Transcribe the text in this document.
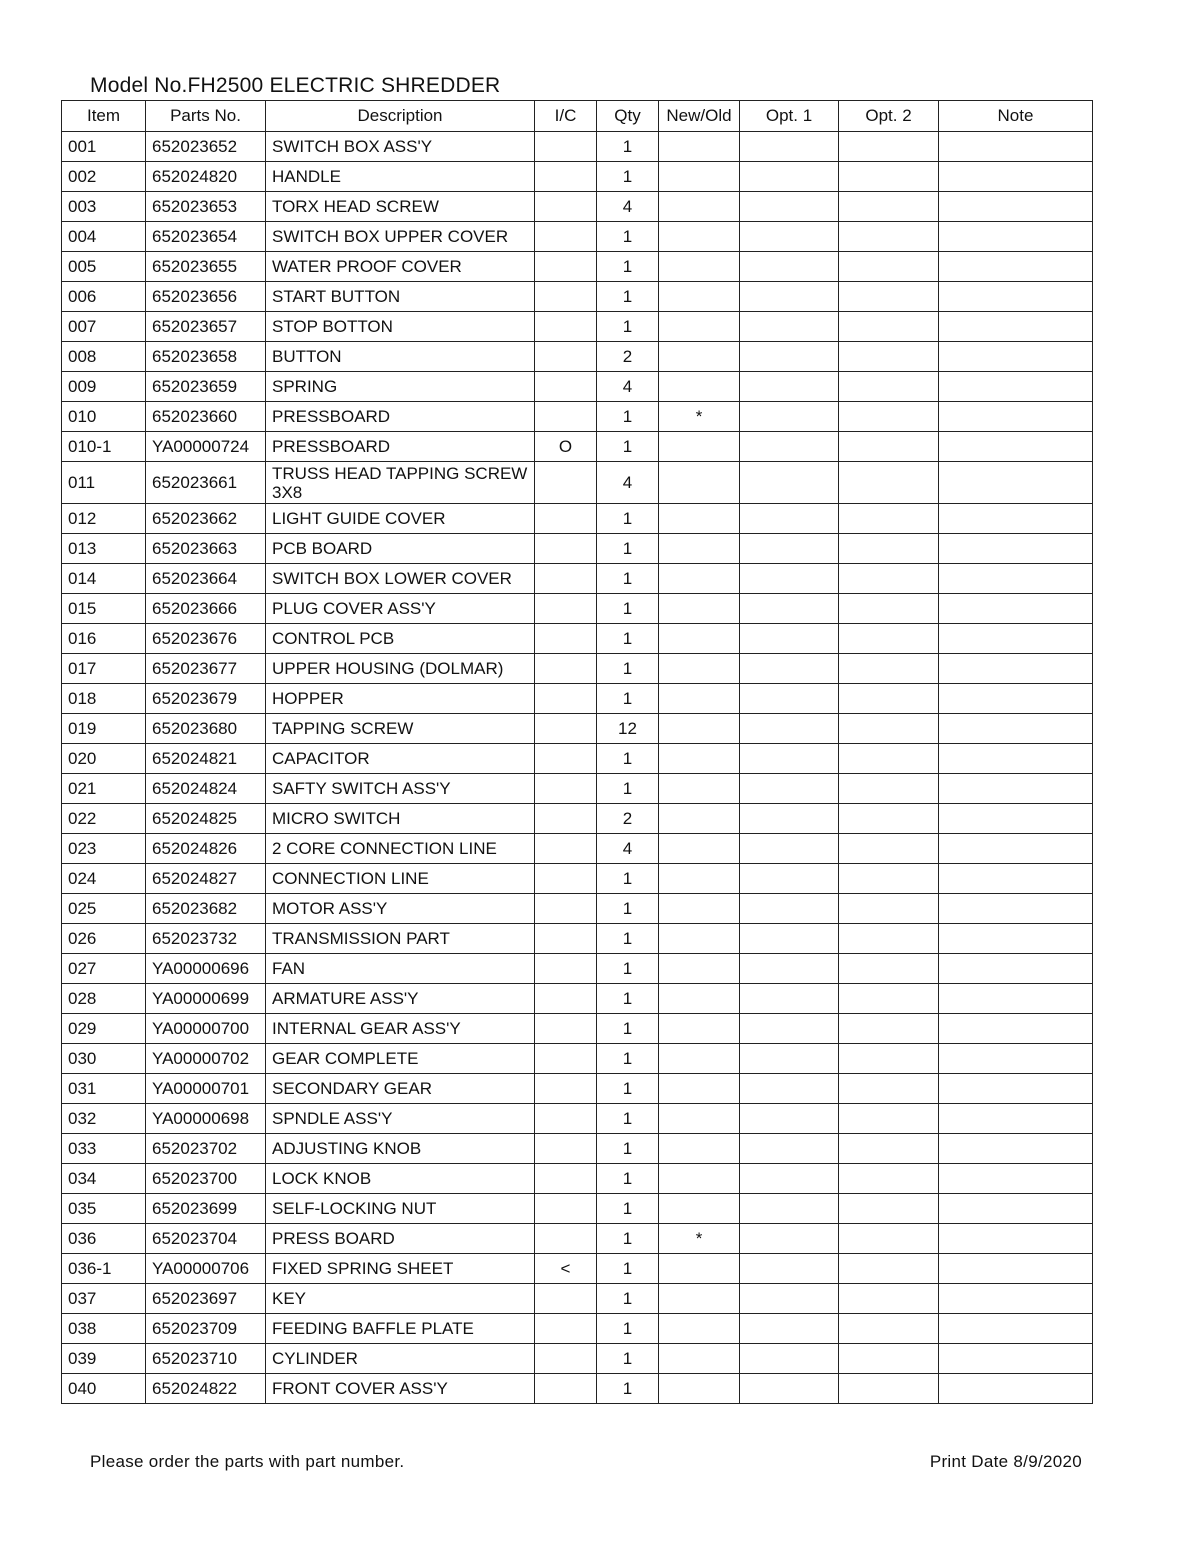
Model No.FH2500 ELECTRIC SHREDDER
Item	Parts No.	Description	I/C	Qty	New/Old	Opt. 1	Opt. 2	Note
001	652023652	SWITCH BOX ASS'Y		1				
002	652024820	HANDLE		1				
003	652023653	TORX HEAD SCREW		4				
004	652023654	SWITCH BOX UPPER COVER		1				
005	652023655	WATER PROOF COVER		1				
006	652023656	START BUTTON		1				
007	652023657	STOP BOTTON		1				
008	652023658	BUTTON		2				
009	652023659	SPRING		4				
010	652023660	PRESSBOARD		1	*			
010-1	YA00000724	PRESSBOARD	O	1				
011	652023661	TRUSS HEAD TAPPING SCREW 3X8		4				
012	652023662	LIGHT GUIDE COVER		1				
013	652023663	PCB BOARD		1				
014	652023664	SWITCH BOX LOWER COVER		1				
015	652023666	PLUG COVER ASS'Y		1				
016	652023676	CONTROL PCB		1				
017	652023677	UPPER HOUSING (DOLMAR)		1				
018	652023679	HOPPER		1				
019	652023680	TAPPING SCREW		12				
020	652024821	CAPACITOR		1				
021	652024824	SAFTY SWITCH ASS'Y		1				
022	652024825	MICRO SWITCH		2				
023	652024826	2 CORE CONNECTION LINE		4				
024	652024827	CONNECTION LINE		1				
025	652023682	MOTOR ASS'Y		1				
026	652023732	TRANSMISSION PART		1				
027	YA00000696	FAN		1				
028	YA00000699	ARMATURE ASS'Y		1				
029	YA00000700	INTERNAL GEAR ASS'Y		1				
030	YA00000702	GEAR COMPLETE		1				
031	YA00000701	SECONDARY GEAR		1				
032	YA00000698	SPNDLE ASS'Y		1				
033	652023702	ADJUSTING KNOB		1				
034	652023700	LOCK KNOB		1				
035	652023699	SELF-LOCKING NUT		1				
036	652023704	PRESS BOARD		1	*			
036-1	YA00000706	FIXED SPRING SHEET	<	1				
037	652023697	KEY		1				
038	652023709	FEEDING BAFFLE PLATE		1				
039	652023710	CYLINDER		1				
040	652024822	FRONT COVER ASS'Y		1				
Please order the parts with part number.	Print Date 8/9/2020
